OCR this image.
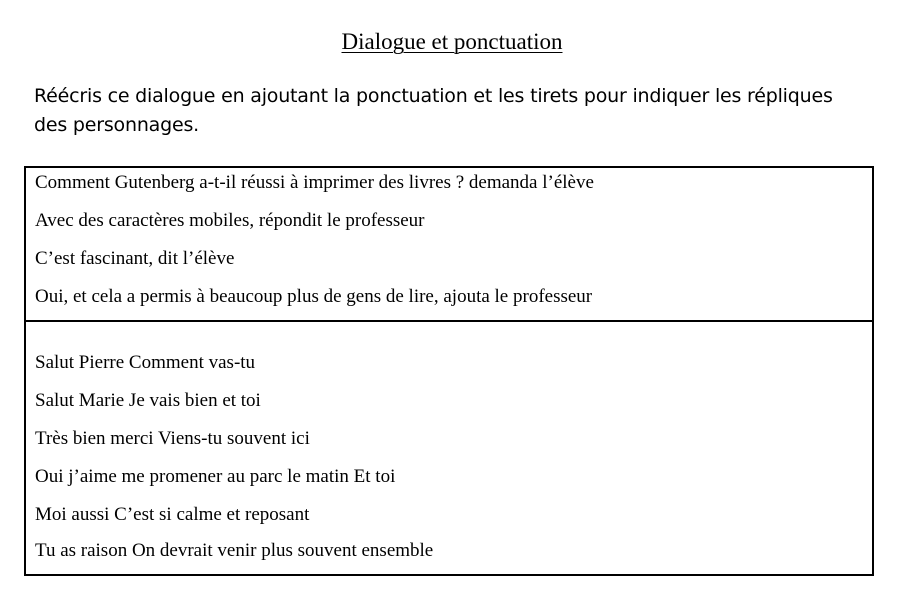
Dialogue et ponctuation
Réécris ce dialogue en ajoutant la ponctuation et les tirets pour indiquer les répliques des personnages.
Comment Gutenberg a-t-il réussi à imprimer des livres ? demanda l’élève
Avec des caractères mobiles, répondit le professeur
C’est fascinant, dit l’élève
Oui, et cela a permis à beaucoup plus de gens de lire, ajouta le professeur
Salut Pierre Comment vas-tu
Salut Marie Je vais bien et toi
Très bien merci Viens-tu souvent ici
Oui j’aime me promener au parc le matin Et toi
Moi aussi C’est si calme et reposant
Tu as raison On devrait venir plus souvent ensemble
